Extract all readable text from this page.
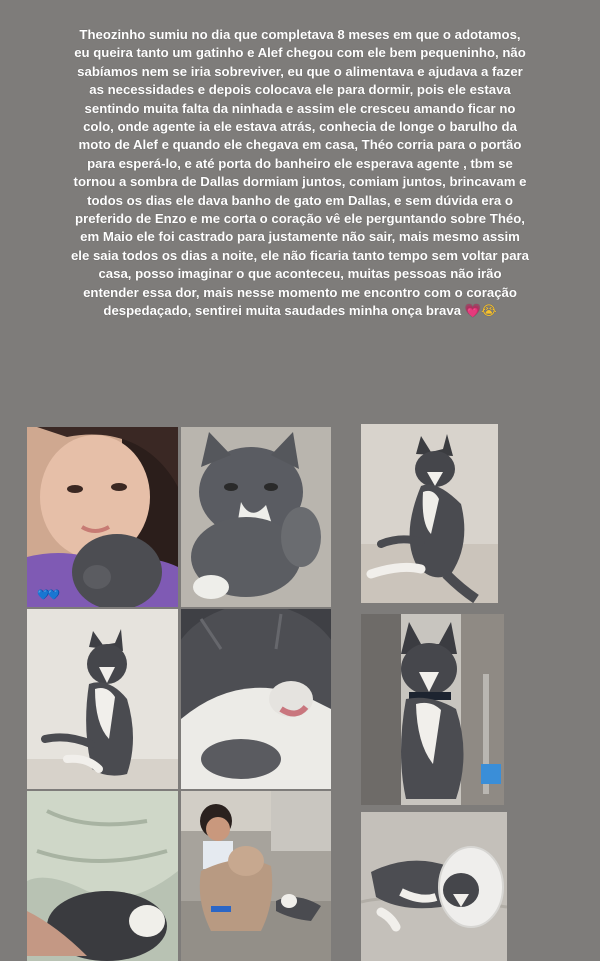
Theozinho sumiu no dia que completava 8 meses em que o adotamos, eu queira tanto um gatinho e Alef chegou com ele bem pequeninho, não sabíamos nem se iria sobreviver, eu que o alimentava e ajudava a fazer as necessidades e depois colocava ele para dormir, pois ele estava sentindo muita falta da ninhada e assim ele cresceu amando ficar no colo, onde agente ia ele estava atrás, conhecia de longe o barulho da moto de Alef e quando ele chegava em casa, Théo corria para o portão para esperá-lo, e até porta do banheiro ele esperava agente , tbm se tornou a sombra de Dallas dormiam juntos, comiam juntos, brincavam e todos os dias ele dava banho de gato em Dallas, e sem dúvida era o preferido de Enzo e me corta o coração vê ele perguntando sobre Théo, em Maio ele foi castrado para justamente não sair, mais mesmo assim ele saia todos os dias a noite, ele não ficaria tanto tempo sem voltar para casa, posso imaginar o que aconteceu, muitas pessoas não irão entender essa dor, mais nesse momento me encontro com o coração despedaçado, sentirei muita saudades minha onça brava 💗😭
💙💙
